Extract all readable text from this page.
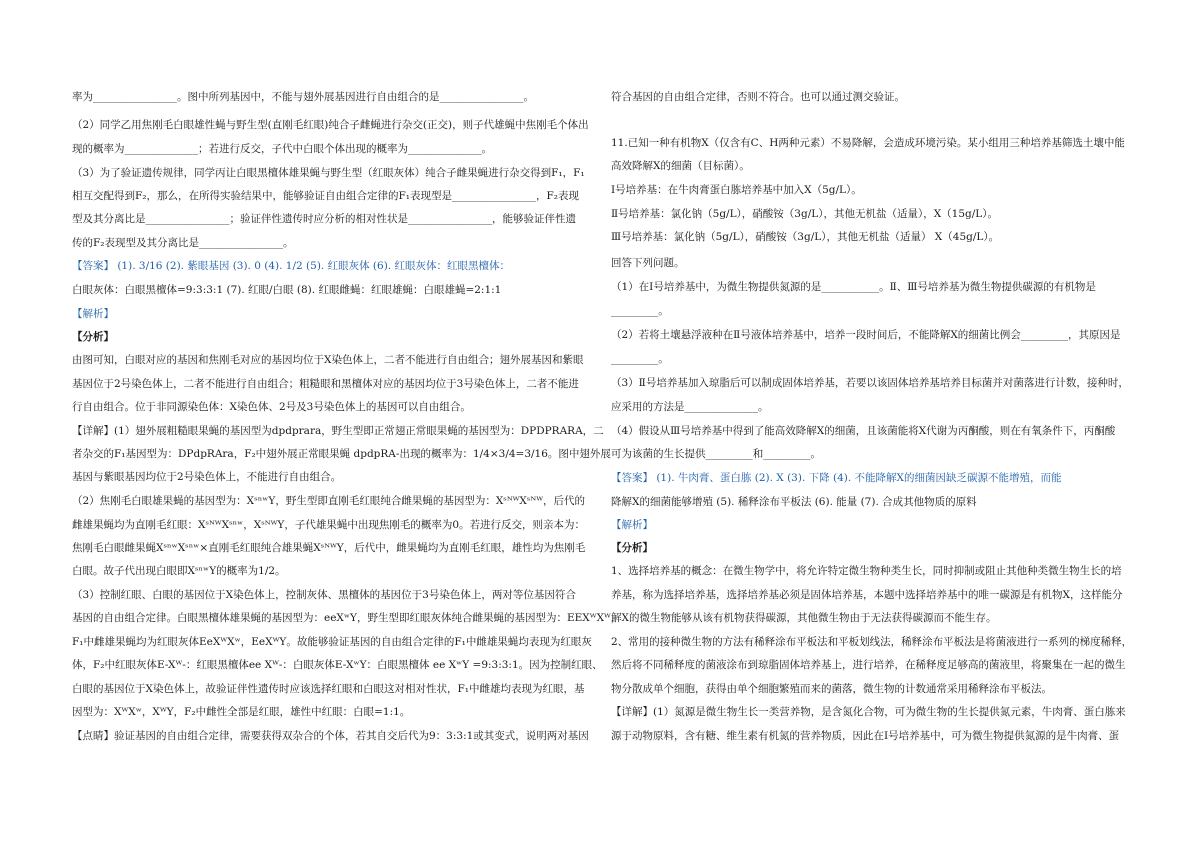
率为________________。图中所列基因中，不能与翅外展基因进行自由组合的是________________。
（2）同学乙用焦刚毛白眼雄性蝇与野生型(直刚毛红眼)纯合子雌蝇进行杂交(正交)，则子代雄蝇中焦刚毛个体出
现的概率为______________；若进行反交，子代中白眼个体出现的概率为______________。
（3）为了验证遗传规律，同学丙让白眼黑檀体雄果蝇与野生型（红眼灰体）纯合子雌果蝇进行杂交得到F₁，F₁
相互交配得到F₂，那么，在所得实验结果中，能够验证自由组合定律的F₁表现型是________________，F₂表现
型及其分离比是________________；验证伴性遗传时应分析的相对性状是________________，能够验证伴性遗
传的F₂表现型及其分离比是________________。
【答案】 (1). 3/16 (2). 紫眼基因 (3). 0 (4). 1/2 (5). 红眼灰体 (6). 红眼灰体：红眼黑檀体：
白眼灰体：白眼黑檀体=9:3:3:1 (7). 红眼/白眼 (8). 红眼雌蝇：红眼雄蝇：白眼雄蝇=2:1:1
【解析】
【分析】
由图可知，白眼对应的基因和焦刚毛对应的基因均位于X染色体上，二者不能进行自由组合；翅外展基因和紫眼
基因位于2号染色体上，二者不能进行自由组合；粗糙眼和黑檀体对应的基因均位于3号染色体上，二者不能进
行自由组合。位于非同源染色体：X染色体、2号及3号染色体上的基因可以自由组合。
【详解】(1）翅外展粗糙眼果蝇的基因型为dpdprara，野生型即正常翅正常眼果蝇的基因型为：DPDPRARA，二
者杂交的F₁基因型为：DPdpRAra，F₂中翅外展正常眼果蝇 dpdpRA-出现的概率为：1/4×3/4=3/16。图中翅外展
基因与紫眼基因均位于2号染色体上，不能进行自由组合。
（2）焦刚毛白眼雄果蝇的基因型为：XˢⁿʷY，野生型即直刚毛红眼纯合雌果蝇的基因型为：XˢᴺᵂXˢᴺᵂ，后代的
雌雄果蝇均为直刚毛红眼：XˢᴺᵂXˢⁿʷ，XˢᴺᵂY，子代雄果蝇中出现焦刚毛的概率为0。若进行反交，则亲本为：
焦刚毛白眼雌果蝇XˢⁿʷXˢⁿʷ×直刚毛红眼纯合雄果蝇XˢᴺᵂY，后代中，雌果蝇均为直刚毛红眼，雄性均为焦刚毛
白眼。故子代出现白眼即XˢⁿʷY的概率为1/2。
（3）控制红眼、白眼的基因位于X染色体上，控制灰体、黑檀体的基因位于3号染色体上，两对等位基因符合
基因的自由组合定律。白眼黑檀体雄果蝇的基因型为：eeXʷY，野生型即红眼灰体纯合雌果蝇的基因型为：EEXᵂXᵂ，
F₁中雌雄果蝇均为红眼灰体EeXᵂXʷ，EeXᵂY。故能够验证基因的自由组合定律的F₁中雌雄果蝇均表现为红眼灰
体，F₂中红眼灰体E-Xᵂ-：红眼黑檀体ee Xᵂ-：白眼灰体E-XʷY：白眼黑檀体 ee XʷY =9:3:3:1。因为控制红眼、
白眼的基因位于X染色体上，故验证伴性遗传时应该选择红眼和白眼这对相对性状，F₁中雌雄均表现为红眼，基
因型为：XᵂXʷ，XᵂY，F₂中雌性全部是红眼，雄性中红眼：白眼=1:1。
【点睛】验证基因的自由组合定律，需要获得双杂合的个体，若其自交后代为9：3:3:1或其变式，说明两对基因
符合基因的自由组合定律，否则不符合。也可以通过测交验证。
11.已知一种有机物X（仅含有C、H两种元素）不易降解，会造成环境污染。某小组用三种培养基筛选土壤中能
高效降解X的细菌（目标菌）。
Ⅰ号培养基：在牛肉膏蛋白胨培养基中加入X（5g/L）。
Ⅱ号培养基：氯化钠（5g/L），硝酸铵（3g/L），其他无机盐（适量），X（15g/L）。
Ⅲ号培养基：氯化钠（5g/L），硝酸铵（3g/L），其他无机盐（适量） X（45g/L）。
回答下列问题。
（1）在Ⅰ号培养基中，为微生物提供氮源的是___________。Ⅱ、Ⅲ号培养基为微生物提供碳源的有机物是
_________。
（2）若将土壤悬浮液种在Ⅱ号液体培养基中，培养一段时间后，不能降解X的细菌比例会_________，其原因是
_________。
（3）Ⅱ号培养基加入琼脂后可以制成固体培养基，若要以该固体培养基培养目标菌并对菌落进行计数，接种时，
应采用的方法是______________。
（4）假设从Ⅲ号培养基中得到了能高效降解X的细菌，且该菌能将X代谢为丙酮酸，则在有氧条件下，丙酮酸
可为该菌的生长提供_________和_________。
【答案】 (1). 牛肉膏、蛋白胨 (2). X (3). 下降 (4). 不能降解X的细菌因缺乏碳源不能增殖，而能
降解X的细菌能够增殖 (5). 稀释涂布平板法 (6). 能量 (7). 合成其他物质的原料
【解析】
【分析】
1、选择培养基的概念：在微生物学中，将允许特定微生物种类生长，同时抑制或阻止其他种类微生物生长的培
养基，称为选择培养基，选择培养基必须是固体培养基，本题中选择培养基中的唯一碳源是有机物X，这样能分
解X的微生物能够从该有机物获得碳源，其他微生物由于无法获得碳源而不能生存。
2、常用的接种微生物的方法有稀释涂布平板法和平板划线法，稀释涂布平板法是将菌液进行一系列的梯度稀释，
然后将不同稀释度的菌液涂布到琼脂固体培养基上，进行培养，在稀释度足够高的菌液里，将聚集在一起的微生
物分散成单个细胞，获得由单个细胞繁殖而来的菌落，微生物的计数通常采用稀释涂布平板法。
【详解】(1）氮源是微生物生长一类营养物，是含氮化合物，可为微生物的生长提供氮元素，牛肉膏、蛋白胨来
源于动物原料，含有糖、维生素有机氮的营养物质，因此在Ⅰ号培养基中，可为微生物提供氮源的是牛肉膏、蛋
